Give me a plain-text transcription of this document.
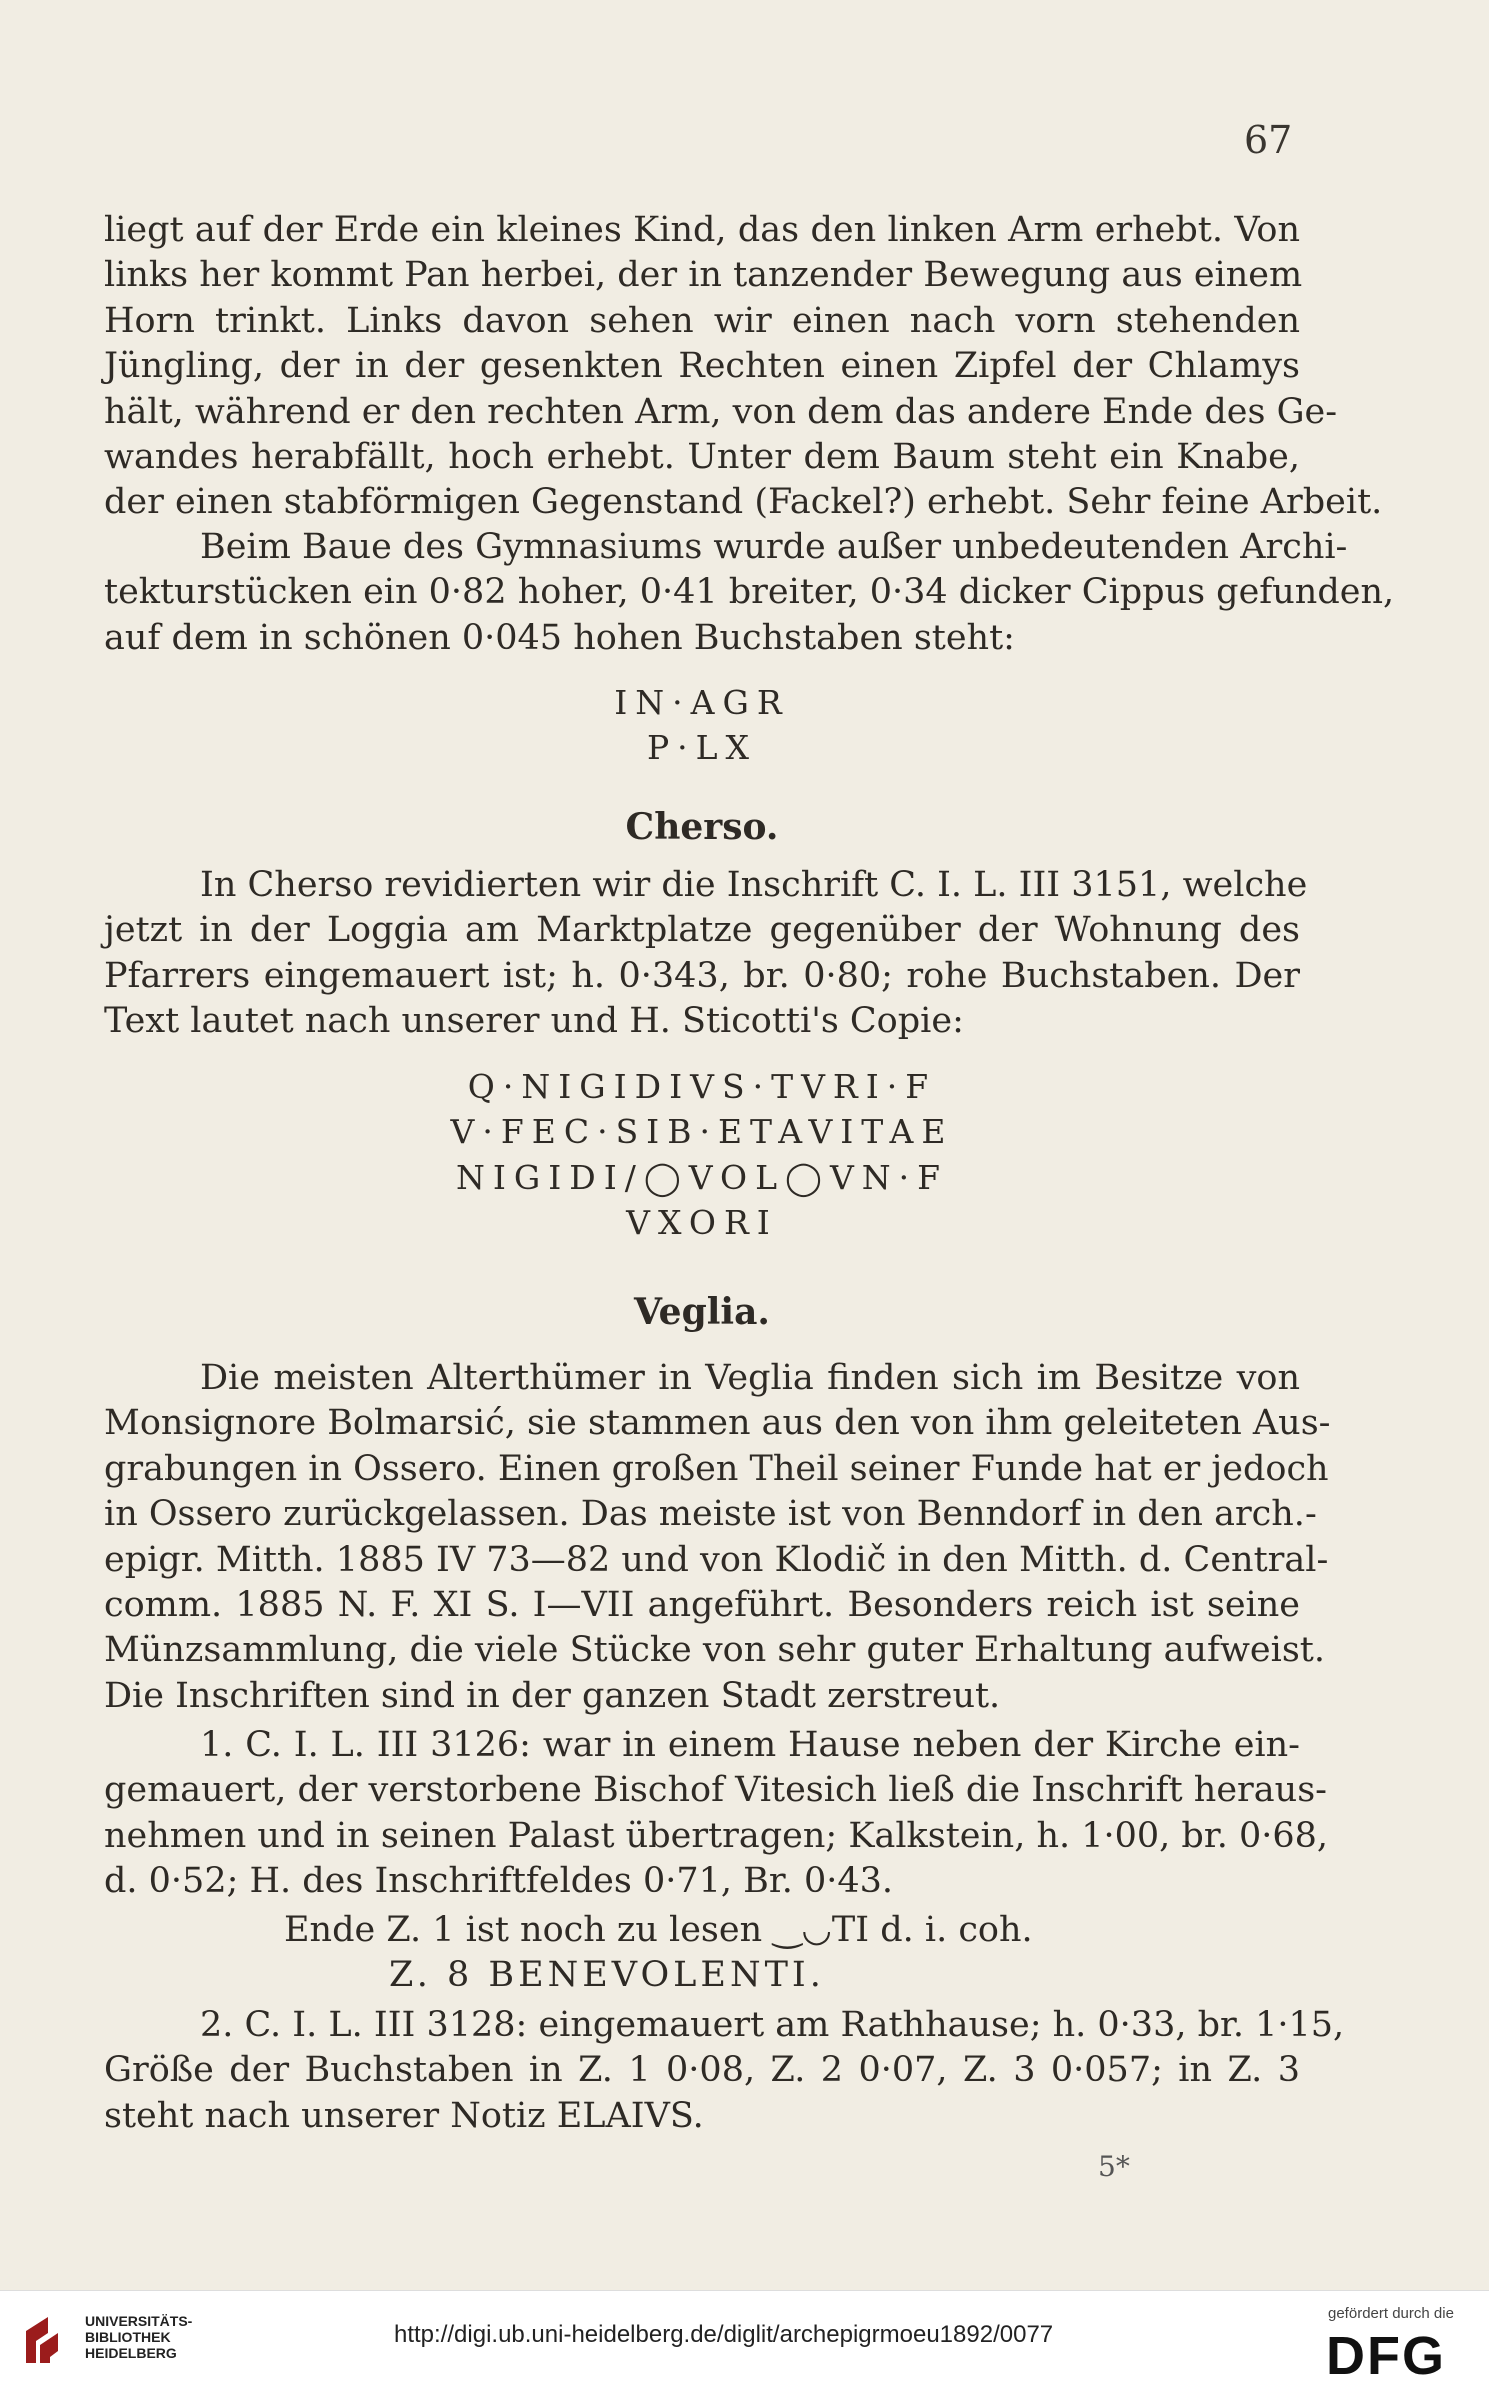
67
liegt auf der Erde ein kleines Kind, das den linken Arm erhebt. Von
links her kommt Pan herbei, der in tanzender Bewegung aus einem
Horn trinkt. Links davon sehen wir einen nach vorn stehenden
Jüngling, der in der gesenkten Rechten einen Zipfel der Chlamys
hält, während er den rechten Arm, von dem das andere Ende des Ge-
wandes herabfällt, hoch erhebt. Unter dem Baum steht ein Knabe,
der einen stabförmigen Gegenstand (Fackel?) erhebt. Sehr feine Arbeit.
Beim Baue des Gymnasiums wurde außer unbedeutenden Archi-
tekturstücken ein 0·82 hoher, 0·41 breiter, 0·34 dicker Cippus gefunden,
auf dem in schönen 0·045 hohen Buchstaben steht:
IN·AGR
P·LX
Cherso.
In Cherso revidierten wir die Inschrift C. I. L. III 3151, welche
jetzt in der Loggia am Marktplatze gegenüber der Wohnung des
Pfarrers eingemauert ist; h. 0·343, br. 0·80; rohe Buchstaben. Der
Text lautet nach unserer und H. Sticotti's Copie:
Q·NIGIDIVS·TVRI·F
V·FEC·SIB·ETAVITAE
NIGIDI∕◯VOL◯VN·F
VXORI
Veglia.
Die meisten Alterthümer in Veglia finden sich im Besitze von
Monsignore Bolmarsić, sie stammen aus den von ihm geleiteten Aus-
grabungen in Ossero. Einen großen Theil seiner Funde hat er jedoch
in Ossero zurückgelassen. Das meiste ist von Benndorf in den arch.-
epigr. Mitth. 1885 IV 73—82 und von Klodič in den Mitth. d. Central-
comm. 1885 N. F. XI S. I—VII angeführt. Besonders reich ist seine
Münzsammlung, die viele Stücke von sehr guter Erhaltung aufweist.
Die Inschriften sind in der ganzen Stadt zerstreut.
1. C. I. L. III 3126: war in einem Hause neben der Kirche ein-
gemauert, der verstorbene Bischof Vitesich ließ die Inschrift heraus-
nehmen und in seinen Palast übertragen; Kalkstein, h. 1·00, br. 0·68,
d. 0·52; H. des Inschriftfeldes 0·71, Br. 0·43.
Ende Z. 1 ist noch zu lesen ‿◡ΤΙ d. i. coh.
Z. 8 BENEVOLENTI.
2. C. I. L. III 3128: eingemauert am Rathhause; h. 0·33, br. 1·15,
Größe der Buchstaben in Z. 1 0·08, Z. 2 0·07, Z. 3 0·057; in Z. 3
steht nach unserer Notiz ELAIVS.
5*
UNIVERSITÄTS-
BIBLIOTHEK
HEIDELBERG
http://digi.ub.uni-heidelberg.de/diglit/archepigrmoeu1892/0077
gefördert durch die
DFG
